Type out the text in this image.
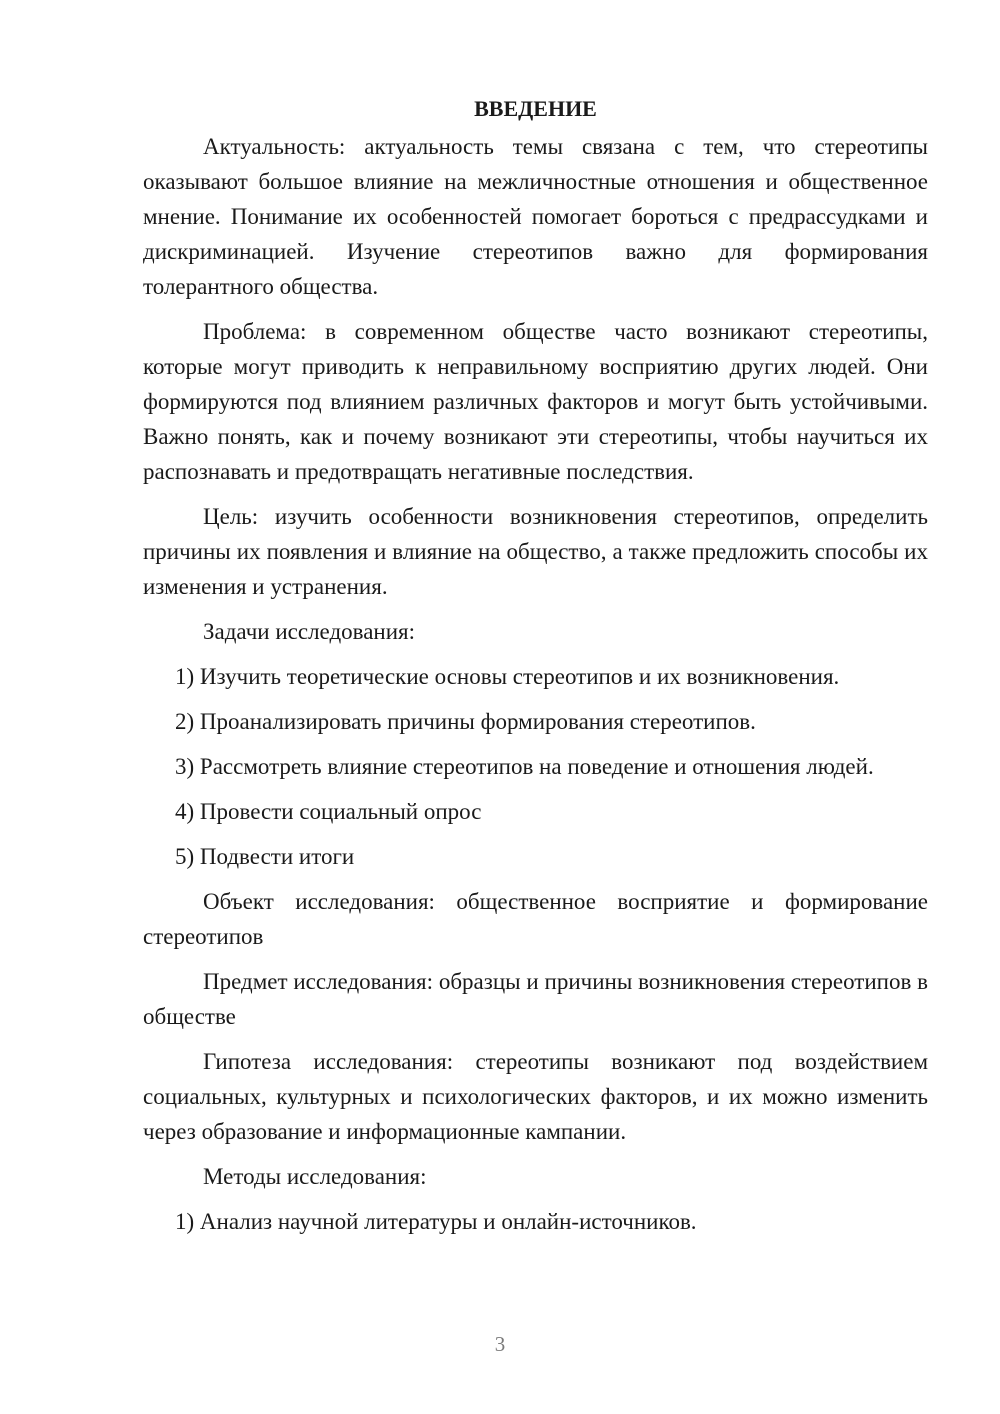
ВВЕДЕНИЕ

Актуальность: актуальность темы связана с тем, что стереотипы оказывают большое влияние на межличностные отношения и общественное мнение. Понимание их особенностей помогает бороться с предрассудками и дискриминацией. Изучение стереотипов важно для формирования толерантного общества.

Проблема: в современном обществе часто возникают стереотипы, которые могут приводить к неправильному восприятию других людей. Они формируются под влиянием различных факторов и могут быть устойчивыми. Важно понять, как и почему возникают эти стереотипы, чтобы научиться их распознавать и предотвращать негативные последствия.

Цель: изучить особенности возникновения стереотипов, определить причины их появления и влияние на общество, а также предложить способы их изменения и устранения.

Задачи исследования:

1) Изучить теоретические основы стереотипов и их возникновения.

2) Проанализировать причины формирования стереотипов.

3) Рассмотреть влияние стереотипов на поведение и отношения людей.

4) Провести социальный опрос

5) Подвести итоги

Объект исследования: общественное восприятие и формирование стереотипов

Предмет исследования: образцы и причины возникновения стереотипов в обществе

Гипотеза исследования: стереотипы возникают под воздействием социальных, культурных и психологических факторов, и их можно изменить через образование и информационные кампании.

Методы исследования:

1) Анализ научной литературы и онлайн-источников.

3
